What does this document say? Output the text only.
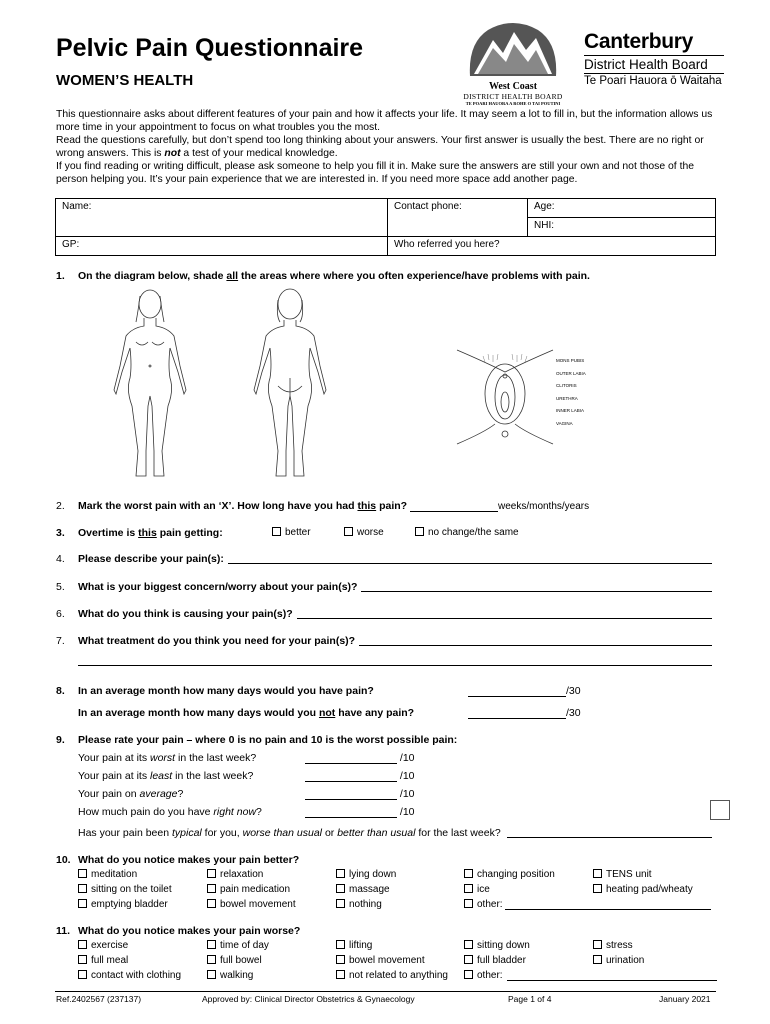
Pelvic Pain Questionnaire
WOMEN’S HEALTH	West Coast
DISTRICT HEALTH BOARD
TE POARI HAUORA A ROHE O TAI POUTINI
Canterbury
District Health Board
Te Poari Hauora ō Waitaha

This questionnaire asks about different features of your pain and how it affects your life. It may seem a lot to fill in, but the information allows us more time in your appointment to focus on what troubles you the most.

Read the questions carefully, but don’t spend too long thinking about your answers. Your first answer is usually the best. There are no right or wrong answers. This is not a test of your medical knowledge.

If you find reading or writing difficult, please ask someone to help you fill it in. Make sure the answers are still your own and not those of the person helping you. It’s your pain experience that we are interested in. If you need more space add another page.

Name:	Contact phone:	Age:
		NHI:
GP:	Who referred you here?	
1. On the diagram below, shade all the areas where where you often experience/have problems with pain.
MONS PUBIS
OUTER LABIA
CLITORIS
URETHRA
INNER LABIA
VAGINA
2. Mark the worst pain with an ‘X’. How long have you had this pain?	weeks/months/years
3. Overtime is this pain getting:	better	worse	no change/the same
4.	Please describe your pain(s):
5.	What is your biggest concern/worry about your pain(s)?
6.	What do you think is causing your pain(s)?
7.	What treatment do you think you need for your pain(s)?
8. In an average month how many days would you have pain?	/30
In an average month how many days would you not have any pain?	/30
9. Please rate your pain – where 0 is no pain and 10 is the worst possible pain:
Your pain at its worst in the last week?	/10
Your pain at its least in the last week?	/10
Your pain on average?	/10
How much pain do you have right now?	/10
Has your pain been
typical
for you,
worse than usual
or
better than usual
for the last week?
10. What do you notice makes your pain better?
meditation
sitting on the toilet
emptying bladder
relaxation
pain medication
bowel movement
lying down
massage
nothing
changing position
ice
other:
TENS unit
heating pad/wheaty
11. What do you notice makes your pain worse?
exercise
full meal
contact with clothing
time of day
full bowel
walking
lifting
bowel movement
not related to anything
sitting down
full bladder
other:
stress
urination
Ref.2402567 (237137)	Approved by: Clinical Director Obstetrics & Gynaecology	Page 1 of 4	January 2021
